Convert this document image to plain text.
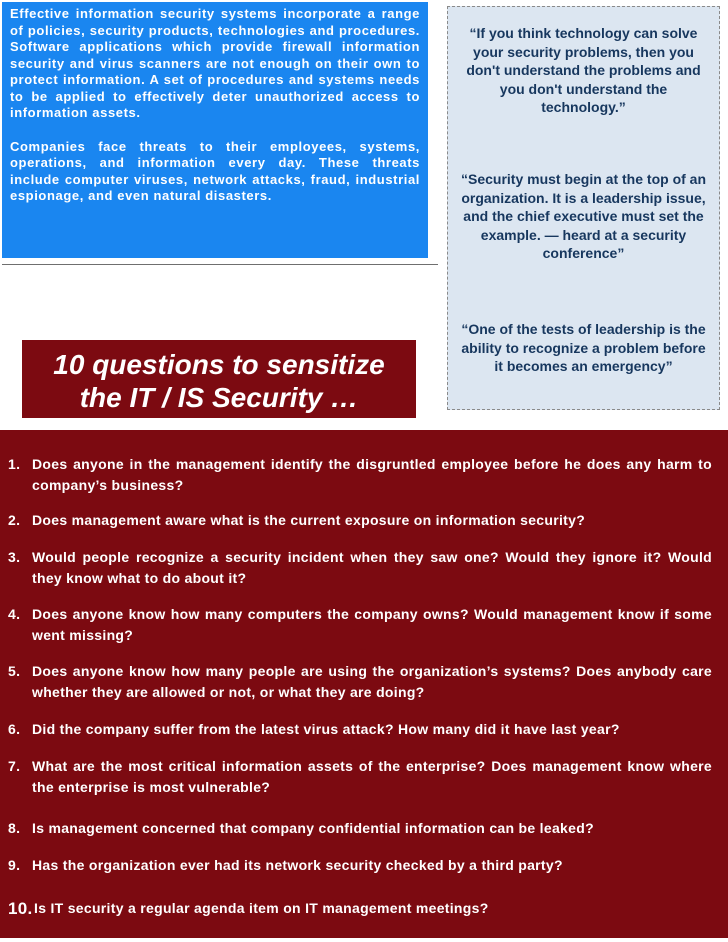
Effective information security systems incorporate a range of policies, security products, technologies and procedures. Software applications which provide firewall information security and virus scanners are not enough on their own to protect information. A set of procedures and systems needs to be applied to effectively deter unauthorized access to information assets.

Companies face threats to their employees, systems, operations, and information every day. These threats include computer viruses, network attacks, fraud, industrial espionage, and even natural disasters.

“If you think technology can solve your security problems, then you don't understand the problems and you don't understand the technology.”

“Security must begin at the top of an organization. It is a leadership issue, and the chief executive must set the example. — heard at a security conference”

“One of the tests of leadership is the ability to recognize a problem before it becomes an emergency”

10 questions to sensitize
the IT / IS Security …
1. Does anyone in the management identify the disgruntled employee before he does any harm to company’s business?
2. Does management aware what is the current exposure on information security?
3. Would people recognize a security incident when they saw one? Would they ignore it? Would they know what to do about it?
4. Does anyone know how many computers the company owns? Would management know if some went missing?
5. Does anyone know how many people are using the organization’s systems? Does anybody care whether they are allowed or not, or what they are doing?
6. Did the company suffer from the latest virus attack? How many did it have last year?
7. What are the most critical information assets of the enterprise? Does management know where the enterprise is most vulnerable?
8. Is management concerned that company confidential information can be leaked?
9. Has the organization ever had its network security checked by a third party?
10. Is IT security a regular agenda item on IT management meetings?
